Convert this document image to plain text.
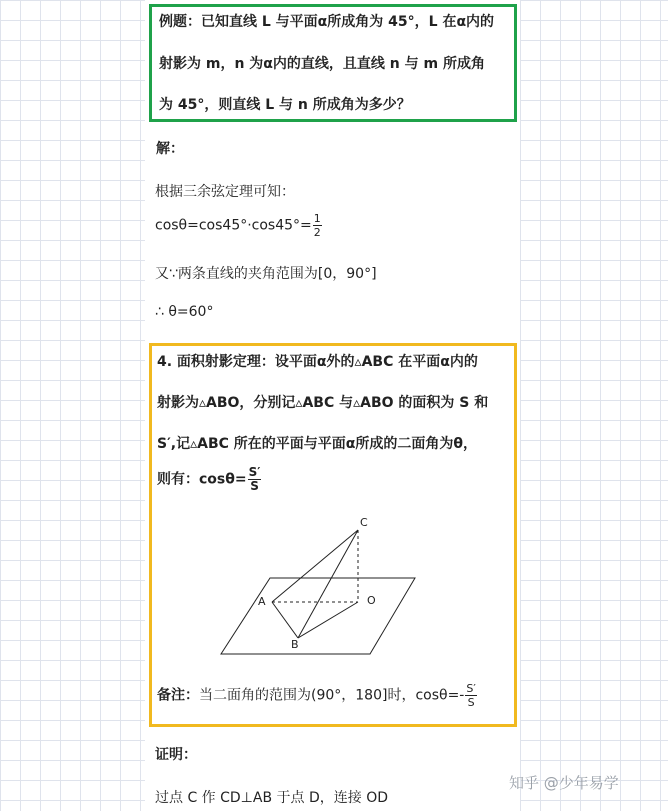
例题：已知直线 L 与平面α所成角为 45°，L 在α内的
射影为 m，n 为α内的直线，且直线 n 与 m 所成角
为 45°，则直线 L 与 n 所成角为多少？
解：
根据三余弦定理可知：
$\cos\theta=\cos 45^\circ\cdot\cos 45^\circ= \frac{1}{2}$
又∵两条直线的夹角范围为[0，90°]
∴ θ=60°
4. 面积射影定理：设平面α外的▵ABC 在平面α内的
射影为▵ABO，分别记▵ABC 与▵ABO 的面积为 S 和
S′,记▵ABC 所在的平面与平面α所成的二面角为θ，
则有：$\cos\theta= \frac{S'}{S}$
C
A	O
B
备注：当二面角的范围为(90°，180]时，$\cos\theta=- \frac{S'}{S}$
证明：
过点 C 作 CD⊥AB 于点 D，连接 OD
知乎 @少年易学
